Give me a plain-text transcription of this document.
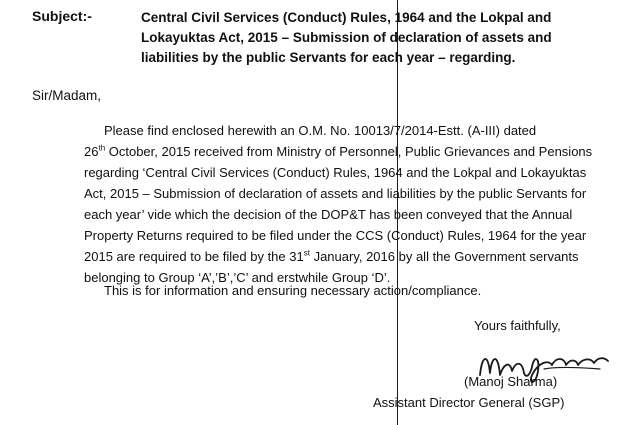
Subject:-	Central Civil Services (Conduct) Rules, 1964 and the Lokpal and
Lokayuktas Act, 2015 – Submission of declaration of assets and
liabilities by the public Servants for each year – regarding.
Sir/Madam,
Please find enclosed herewith an O.M. No. 10013/7/2014-Estt. (A-III) dated
26th October, 2015 received from Ministry of Personnel, Public Grievances and Pensions
regarding ‘Central Civil Services (Conduct) Rules, 1964 and the Lokpal and Lokayuktas
Act, 2015 – Submission of declaration of assets and liabilities by the public Servants for
each year’ vide which the decision of the DOP&T has been conveyed that the Annual
Property Returns required to be filed under the CCS (Conduct) Rules, 1964 for the year
2015 are required to be filed by the 31st January, 2016 by all the Government servants
belonging to Group ‘A’,’B’,’C’ and erstwhile Group ‘D’.
This is for information and ensuring necessary action/compliance.
Yours faithfully,
(Manoj Sharma)
Assistant Director General (SGP)
